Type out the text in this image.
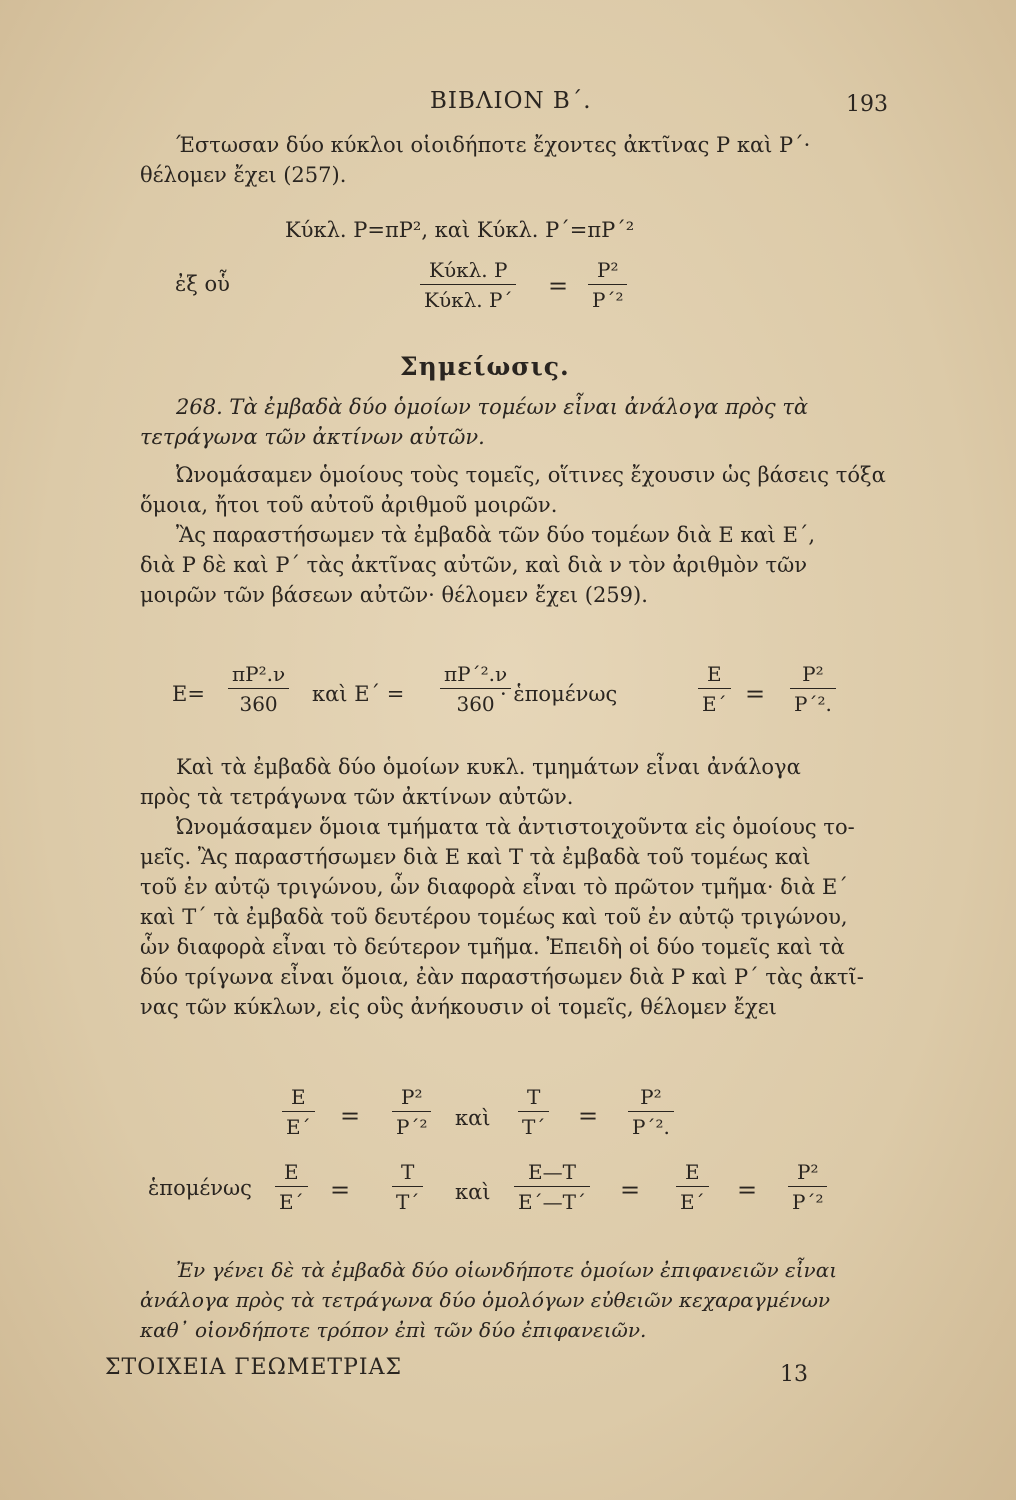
ΒΙΒΛΙΟΝ Β΄.	193
Έστωσαν δύο κύκλοι οἱοιδήποτε ἔχοντες ἀκτῖνας Ρ καὶ Ρ΄·
θέλομεν ἔχει (257).
Κύκλ. Ρ=πΡ², καὶ Κύκλ. Ρ΄=πΡ΄²
ἐξ οὗ
Κύκλ. Ρ
Κύκλ. $P΄ = \frac{\text{Ρ²}}{\text{Ρ΄²}}$
Σημείωσις.
268. Τὰ ἐμβαδὰ δύο ὁμοίων τομέων εἶναι ἀνάλογα πρὸς τὰ
τετράγωνα τῶν ἀκτίνων αὐτῶν.
Ὠνομάσαμεν ὁμοίους τοὺς τομεῖς, οἵτινες ἔχουσιν ὡς βάσεις τόξα
ὅμοια, ἤτοι τοῦ αὐτοῦ ἀριθμοῦ μοιρῶν.
Ἂς παραστήσωμεν τὰ ἐμβαδὰ τῶν δύο τομέων διὰ Ε καὶ Ε΄,
διὰ Ρ δὲ καὶ Ρ΄ τὰς ἀκτῖνας αὐτῶν, καὶ διὰ ν τὸν ἀριθμὸν τῶν
μοιρῶν τῶν βάσεων αὐτῶν· θέλομεν ἔχει (259).
$E= \frac{\text{πΡ².ν}}{360}$ καὶ $E΄ = \frac{\text{πΡ΄².ν}}{360}$
· ἑπομένως	$\frac{E}{E΄} = \frac{\text{Ρ²}}{\text{Ρ΄².}}$
Καὶ τὰ ἐμβαδὰ δύο ὁμοίων κυκλ. τμημάτων εἶναι ἀνάλογα
πρὸς τὰ τετράγωνα τῶν ἀκτίνων αὐτῶν.
Ὠνομάσαμεν ὅμοια τμήματα τὰ ἀντιστοιχοῦντα εἰς ὁμοίους το-
μεῖς. Ἂς παραστήσωμεν διὰ Ε καὶ Τ τὰ ἐμβαδὰ τοῦ τομέως καὶ
τοῦ ἐν αὐτῷ τριγώνου, ὧν διαφορὰ εἶναι τὸ πρῶτον τμῆμα· διὰ Ε΄
καὶ Τ΄ τὰ ἐμβαδὰ τοῦ δευτέρου τομέως καὶ τοῦ ἐν αὐτῷ τριγώνου,
ὧν διαφορὰ εἶναι τὸ δεύτερον τμῆμα. Ἐπειδὴ οἱ δύο τομεῖς καὶ τὰ
δύο τρίγωνα εἶναι ὅμοια, ἐὰν παραστήσωμεν διὰ Ρ καὶ Ρ΄ τὰς ἀκτῖ-
νας τῶν κύκλων, εἰς οὓς ἀνήκουσιν οἱ τομεῖς, θέλομεν ἔχει
$\frac{E}{E΄} = \frac{\text{Ρ²}}{\text{Ρ΄²}}$ καὶ $\frac{T}{T΄} = \frac{\text{Ρ²}}{\text{Ρ΄².}}$
ἑπομένως $\frac{E}{E΄} = \frac{T}{T΄}$ καὶ $\frac{E—T}{E΄—T΄} = \frac{E}{E΄} = \frac{\text{Ρ²}}{\text{Ρ΄²}}$
Ἐν γένει δὲ τὰ ἐμβαδὰ δύο οἱωνδήποτε ὁμοίων ἐπιφανειῶν εἶναι
ἀνάλογα πρὸς τὰ τετράγωνα δύο ὁμολόγων εὐθειῶν κεχαραγμένων
καθ᾽ οἱονδήποτε τρόπον ἐπὶ τῶν δύο ἐπιφανειῶν.
ΣΤΟΙΧΕΙΑ ΓΕΩΜΕΤΡΙΑΣ	13
